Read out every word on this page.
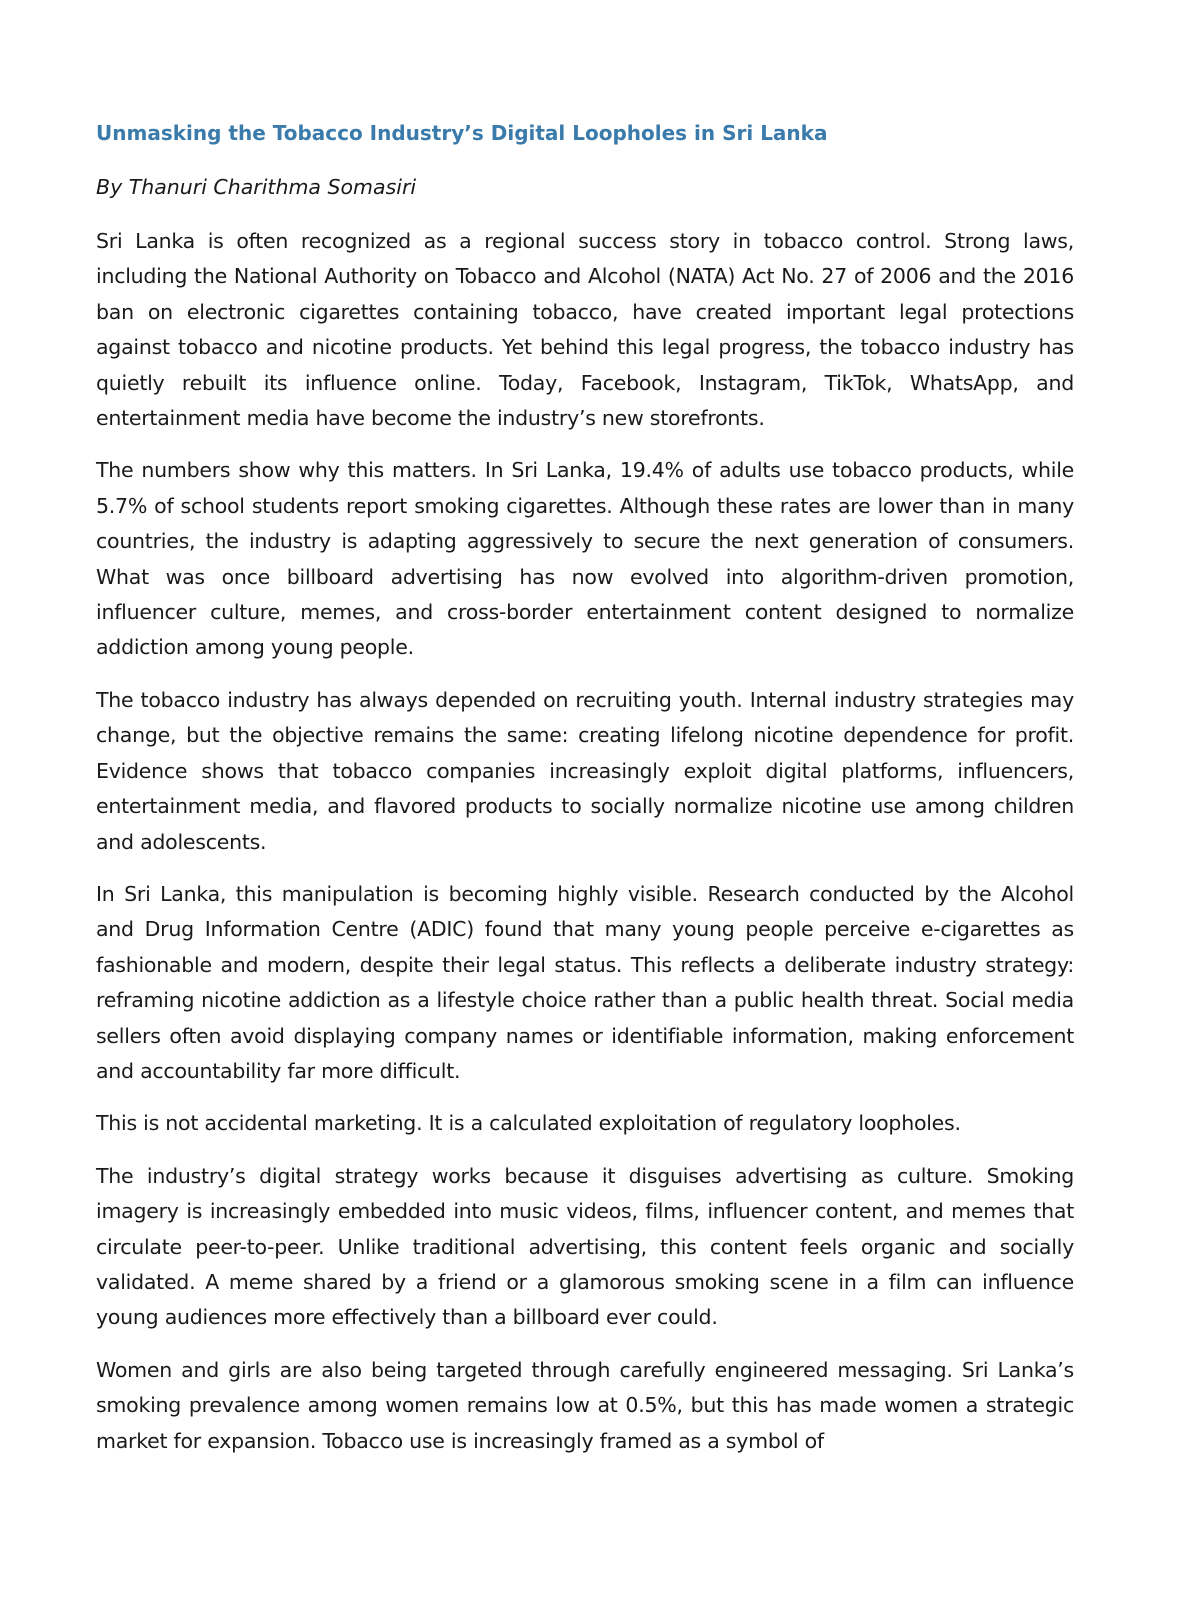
Unmasking the Tobacco Industry’s Digital Loopholes in Sri Lanka

By Thanuri Charithma Somasiri

Sri Lanka is often recognized as a regional success story in tobacco control. Strong laws, including the National Authority on Tobacco and Alcohol (NATA) Act No. 27 of 2006 and the 2016 ban on electronic cigarettes containing tobacco, have created important legal protections against tobacco and nicotine products. Yet behind this legal progress, the tobacco industry has quietly rebuilt its influence online. Today, Facebook, Instagram, TikTok, WhatsApp, and entertainment media have become the industry’s new storefronts.

The numbers show why this matters. In Sri Lanka, 19.4% of adults use tobacco products, while 5.7% of school students report smoking cigarettes. Although these rates are lower than in many countries, the industry is adapting aggressively to secure the next generation of consumers. What was once billboard advertising has now evolved into algorithm-driven promotion, influencer culture, memes, and cross-border entertainment content designed to normalize addiction among young people.

The tobacco industry has always depended on recruiting youth. Internal industry strategies may change, but the objective remains the same: creating lifelong nicotine dependence for profit. Evidence shows that tobacco companies increasingly exploit digital platforms, influencers, entertainment media, and flavored products to socially normalize nicotine use among children and adolescents.

In Sri Lanka, this manipulation is becoming highly visible. Research conducted by the Alcohol and Drug Information Centre (ADIC) found that many young people perceive e-cigarettes as fashionable and modern, despite their legal status. This reflects a deliberate industry strategy: reframing nicotine addiction as a lifestyle choice rather than a public health threat. Social media sellers often avoid displaying company names or identifiable information, making enforcement and accountability far more difficult.

This is not accidental marketing. It is a calculated exploitation of regulatory loopholes.

The industry’s digital strategy works because it disguises advertising as culture. Smoking imagery is increasingly embedded into music videos, films, influencer content, and memes that circulate peer-to-peer. Unlike traditional advertising, this content feels organic and socially validated. A meme shared by a friend or a glamorous smoking scene in a film can influence young audiences more effectively than a billboard ever could.

Women and girls are also being targeted through carefully engineered messaging. Sri Lanka’s smoking prevalence among women remains low at 0.5%, but this has made women a strategic market for expansion. Tobacco use is increasingly framed as a symbol of
